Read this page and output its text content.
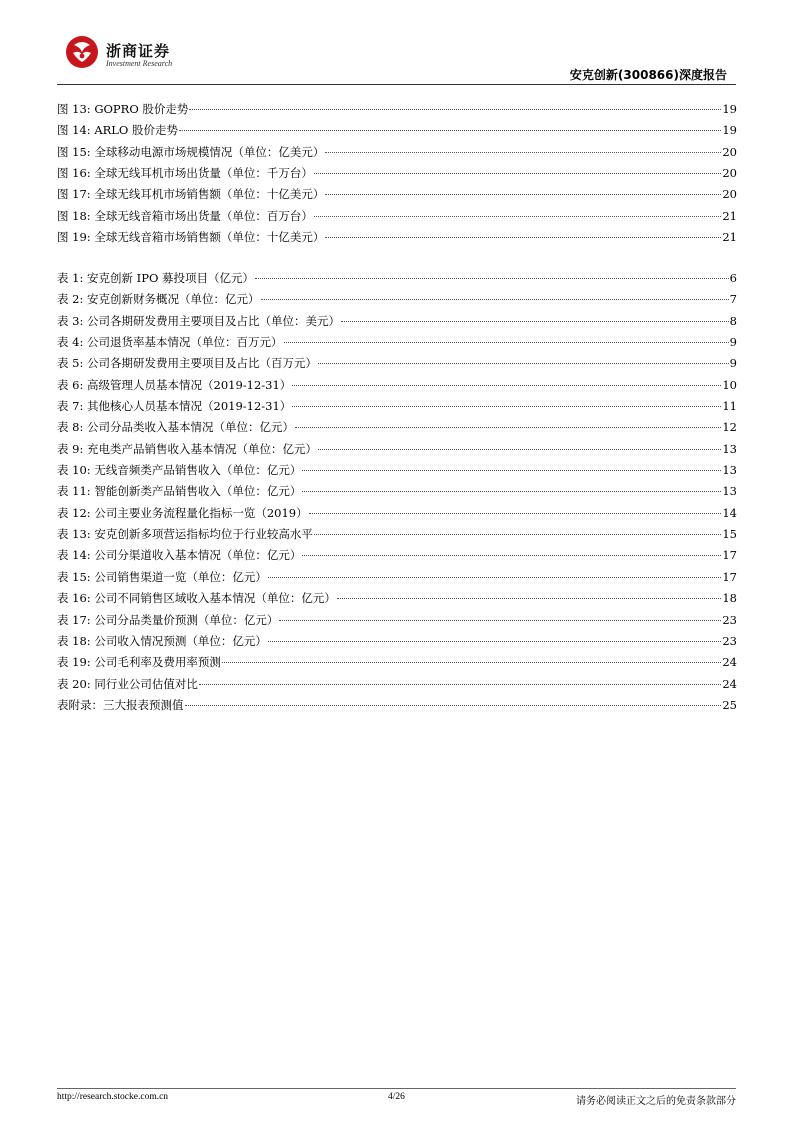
浙商证券
Investment Research
安克创新(300866)深度报告
图 13: GOPRO 股价走势	19
图 14: ARLO 股价走势	19
图 15: 全球移动电源市场规模情况（单位：亿美元）	20
图 16: 全球无线耳机市场出货量（单位：千万台）	20
图 17: 全球无线耳机市场销售额（单位：十亿美元）	20
图 18: 全球无线音箱市场出货量（单位：百万台）	21
图 19: 全球无线音箱市场销售额（单位：十亿美元）	21
表 1: 安克创新 IPO 募投项目（亿元）	6
表 2: 安克创新财务概况（单位：亿元）	7
表 3: 公司各期研发费用主要项目及占比（单位：美元）	8
表 4: 公司退货率基本情况（单位：百万元）	9
表 5: 公司各期研发费用主要项目及占比（百万元）	9
表 6: 高级管理人员基本情况（2019-12-31）	10
表 7: 其他核心人员基本情况（2019-12-31）	11
表 8: 公司分品类收入基本情况（单位：亿元）	12
表 9: 充电类产品销售收入基本情况（单位：亿元）	13
表 10: 无线音频类产品销售收入（单位：亿元）	13
表 11: 智能创新类产品销售收入（单位：亿元）	13
表 12: 公司主要业务流程量化指标一览（2019）	14
表 13: 安克创新多项营运指标均位于行业较高水平	15
表 14: 公司分渠道收入基本情况（单位：亿元）	17
表 15: 公司销售渠道一览（单位：亿元）	17
表 16: 公司不同销售区域收入基本情况（单位：亿元）	18
表 17: 公司分品类量价预测（单位：亿元）	23
表 18: 公司收入情况预测（单位：亿元）	23
表 19: 公司毛利率及费用率预测	24
表 20: 同行业公司估值对比	24
表附录：三大报表预测值	25
http://research.stocke.com.cn	4/26	请务必阅读正文之后的免责条款部分
